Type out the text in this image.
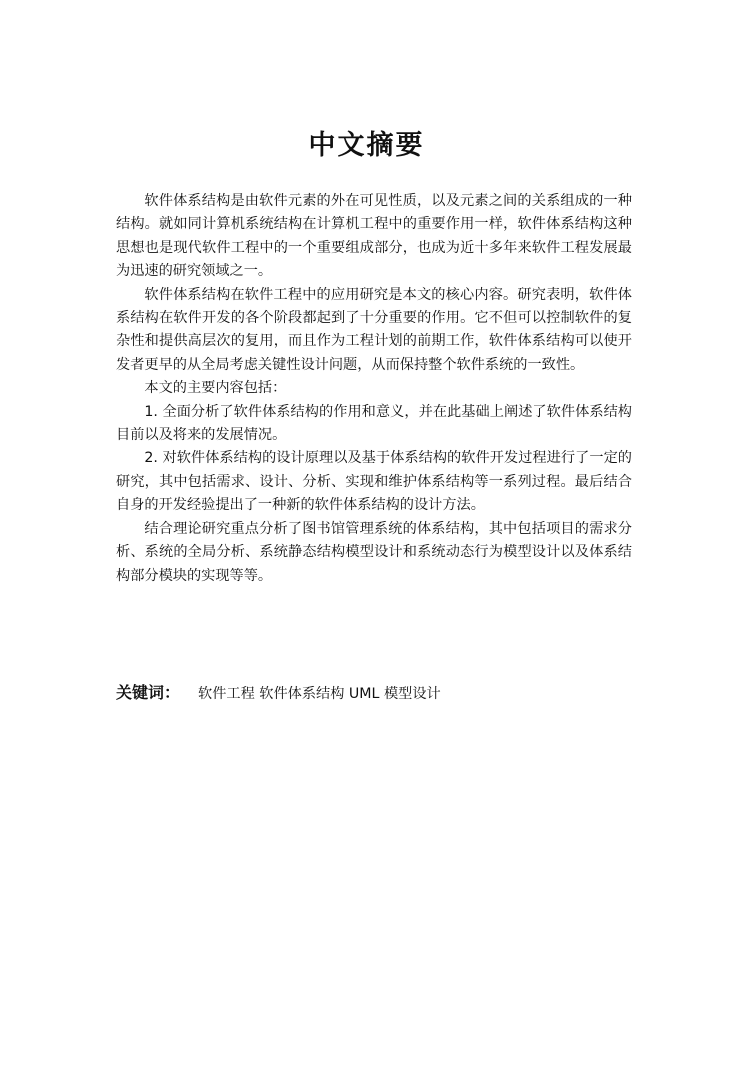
中文摘要

软件体系结构是由软件元素的外在可见性质，以及元素之间的关系组成的一种结构。就如同计算机系统结构在计算机工程中的重要作用一样，软件体系结构这种思想也是现代软件工程中的一个重要组成部分，也成为近十多年来软件工程发展最为迅速的研究领域之一。

软件体系结构在软件工程中的应用研究是本文的核心内容。研究表明，软件体系结构在软件开发的各个阶段都起到了十分重要的作用。它不但可以控制软件的复杂性和提供高层次的复用，而且作为工程计划的前期工作，软件体系结构可以使开发者更早的从全局考虑关键性设计问题，从而保持整个软件系统的一致性。

本文的主要内容包括：

1. 全面分析了软件体系结构的作用和意义，并在此基础上阐述了软件体系结构目前以及将来的发展情况。

2. 对软件体系结构的设计原理以及基于体系结构的软件开发过程进行了一定的研究，其中包括需求、设计、分析、实现和维护体系结构等一系列过程。最后结合自身的开发经验提出了一种新的软件体系结构的设计方法。

结合理论研究重点分析了图书馆管理系统的体系结构，其中包括项目的需求分析、系统的全局分析、系统静态结构模型设计和系统动态行为模型设计以及体系结构部分模块的实现等等。

关键词： 软件工程 软件体系结构 UML 模型设计
